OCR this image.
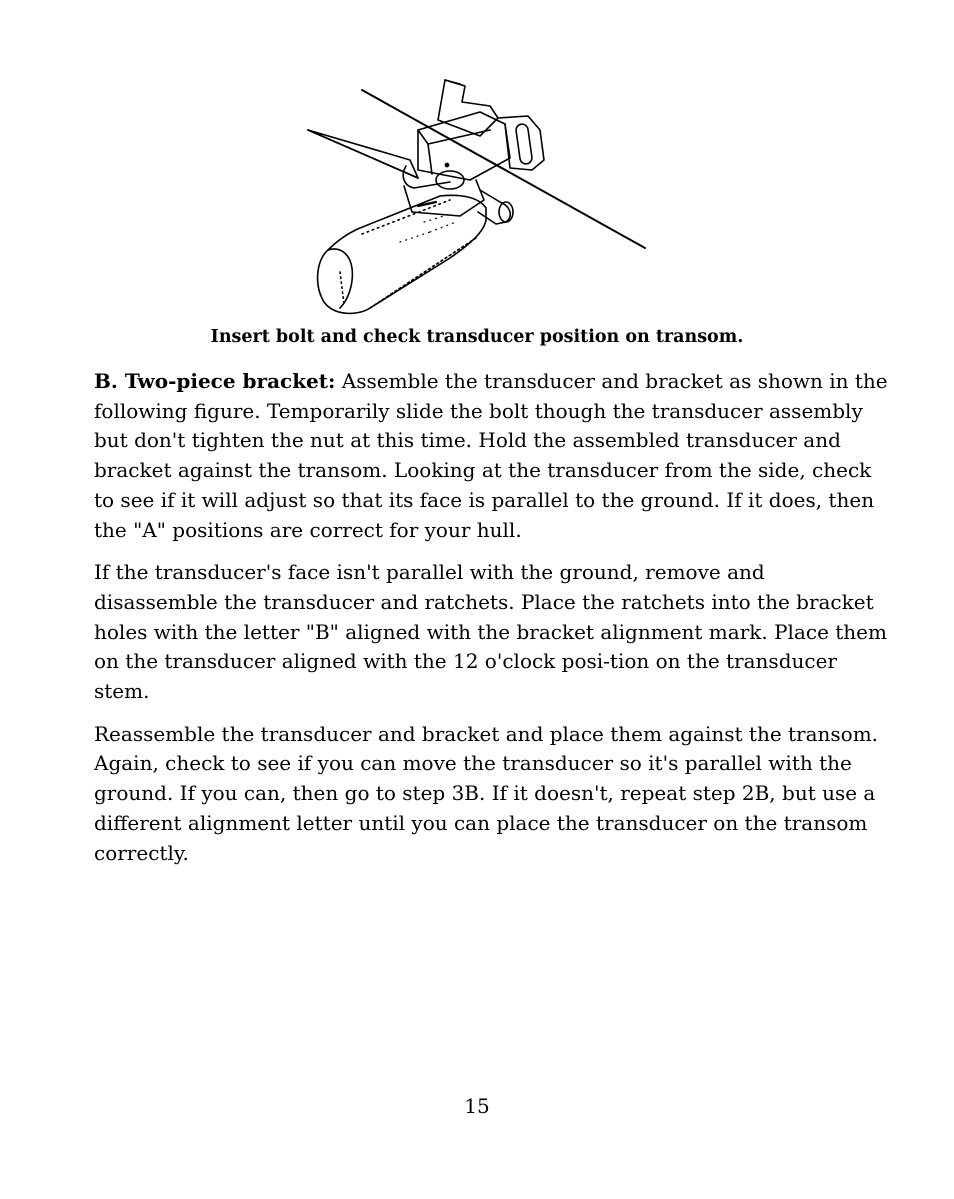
Insert bolt and check transducer position on transom.

B. Two-piece bracket: Assemble the transducer and bracket as shown in the following figure. Temporarily slide the bolt though the transducer assembly but don't tighten the nut at this time. Hold the assembled transducer and bracket against the transom. Looking at the transducer from the side, check to see if it will adjust so that its face is parallel to the ground. If it does, then the "A" positions are correct for your hull.

If the transducer's face isn't parallel with the ground, remove and disassemble the transducer and ratchets. Place the ratchets into the bracket holes with the letter "B" aligned with the bracket alignment mark. Place them on the transducer aligned with the 12 o'clock posi-tion on the transducer stem.

Reassemble the transducer and bracket and place them against the transom. Again, check to see if you can move the transducer so it's parallel with the ground. If you can, then go to step 3B. If it doesn't, repeat step 2B, but use a different alignment letter until you can place the transducer on the transom correctly.

15
